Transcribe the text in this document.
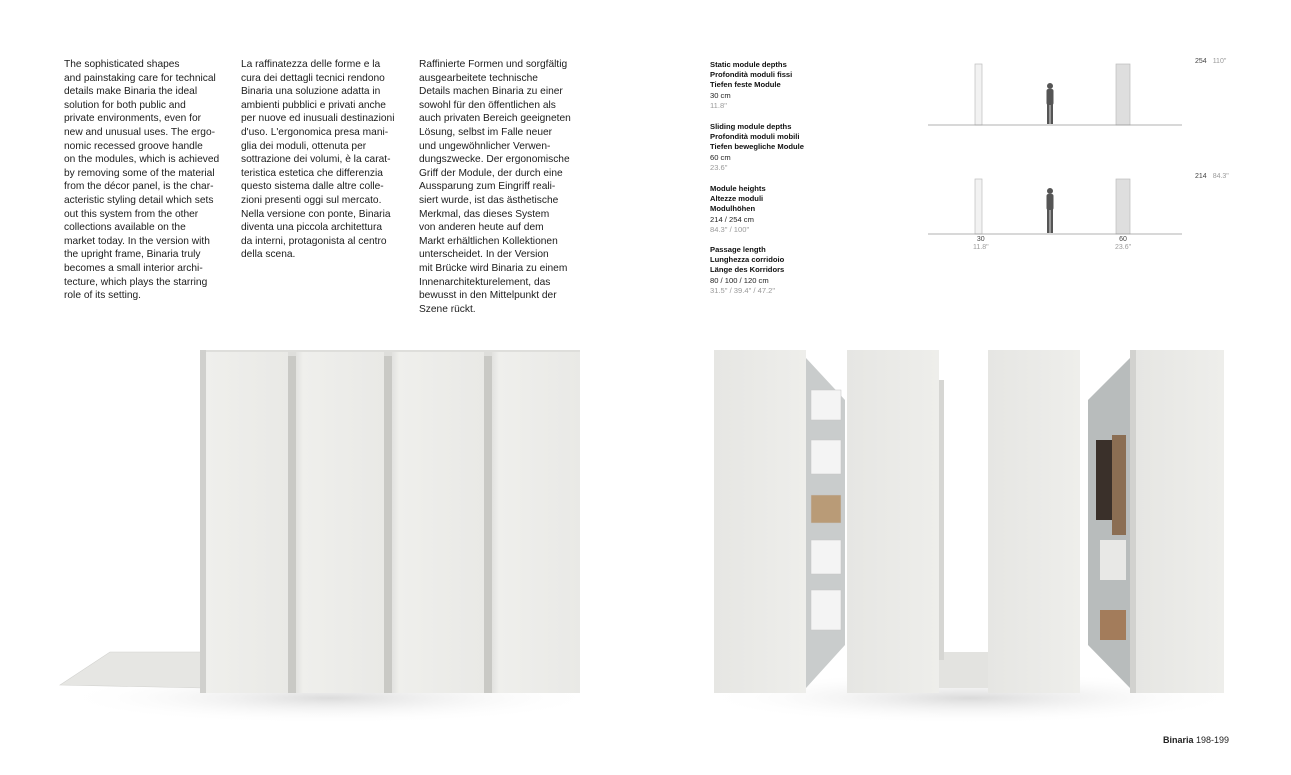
The sophisticated shapes
and painstaking care for technical
details make Binaria the ideal
solution for both public and
private environments, even for
new and unusual uses. The ergo-
nomic recessed groove handle
on the modules, which is achieved
by removing some of the material
from the décor panel, is the char-
acteristic styling detail which sets
out this system from the other
collections available on the
market today. In the version with
the upright frame, Binaria truly
becomes a small interior archi-
tecture, which plays the starring
role of its setting.
La raffinatezza delle forme e la
cura dei dettagli tecnici rendono
Binaria una soluzione adatta in
ambienti pubblici e privati anche
per nuove ed inusuali destinazioni
d'uso. L'ergonomica presa mani-
glia dei moduli, ottenuta per
sottrazione dei volumi, è la carat-
teristica estetica che differenzia
questo sistema dalle altre colle-
zioni presenti oggi sul mercato.
Nella versione con ponte, Binaria
diventa una piccola architettura
da interni, protagonista al centro
della scena.
Raffinierte Formen und sorgfältig
ausgearbeitete technische
Details machen Binaria zu einer
sowohl für den öffentlichen als
auch privaten Bereich geeigneten
Lösung, selbst im Falle neuer
und ungewöhnlicher Verwen-
dungszwecke. Der ergonomische
Griff der Module, der durch eine
Aussparung zum Eingriff reali-
siert wurde, ist das ästhetische
Merkmal, das dieses System
von anderen heute auf dem
Markt erhältlichen Kollektionen
unterscheidet. In der Version
mit Brücke wird Binaria zu einem
Innenarchitekturelement, das
bewusst in den Mittelpunkt der
Szene rückt.
Static module depths
Profondità moduli fissi
Tiefen feste Module
30 cm
11.8"
Sliding module depths
Profondità moduli mobili
Tiefen bewegliche Module
60 cm
23.6"
Module heights
Altezze moduli
Modulhöhen
214 / 254 cm
84.3" / 100"
Passage length
Lunghezza corridoio
Länge des Korridors
80 / 100 / 120 cm
31.5" / 39.4" / 47.2"
254 110"
214 84.3"
30
11.8"
60
23.6"
Binaria 198-199
